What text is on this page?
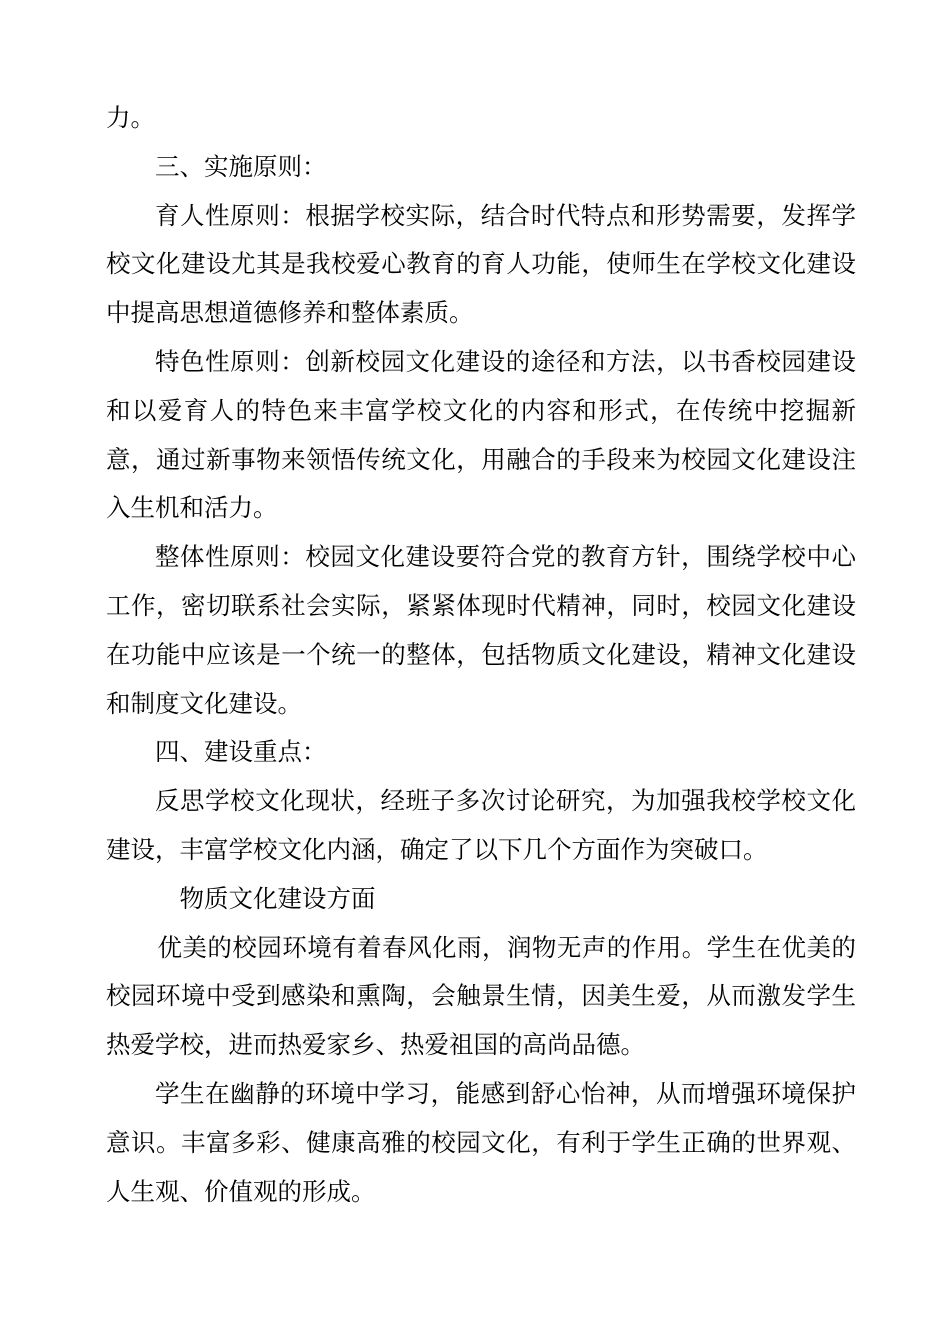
力。

三、实施原则：

育人性原则：根据学校实际，结合时代特点和形势需要，发挥学校文化建设尤其是我校爱心教育的育人功能，使师生在学校文化建设中提高思想道德修养和整体素质。

特色性原则：创新校园文化建设的途径和方法，以书香校园建设和以爱育人的特色来丰富学校文化的内容和形式，在传统中挖掘新意，通过新事物来领悟传统文化，用融合的手段来为校园文化建设注入生机和活力。

整体性原则：校园文化建设要符合党的教育方针，围绕学校中心工作，密切联系社会实际，紧紧体现时代精神，同时，校园文化建设在功能中应该是一个统一的整体，包括物质文化建设，精神文化建设和制度文化建设。

四、建设重点：

反思学校文化现状，经班子多次讨论研究，为加强我校学校文化建设，丰富学校文化内涵，确定了以下几个方面作为突破口。

物质文化建设方面

优美的校园环境有着春风化雨，润物无声的作用。学生在优美的校园环境中受到感染和熏陶，会触景生情，因美生爱，从而激发学生热爱学校，进而热爱家乡、热爱祖国的高尚品德。

学生在幽静的环境中学习，能感到舒心怡神，从而增强环境保护意识。丰富多彩、健康高雅的校园文化，有利于学生正确的世界观、人生观、价值观的形成。
